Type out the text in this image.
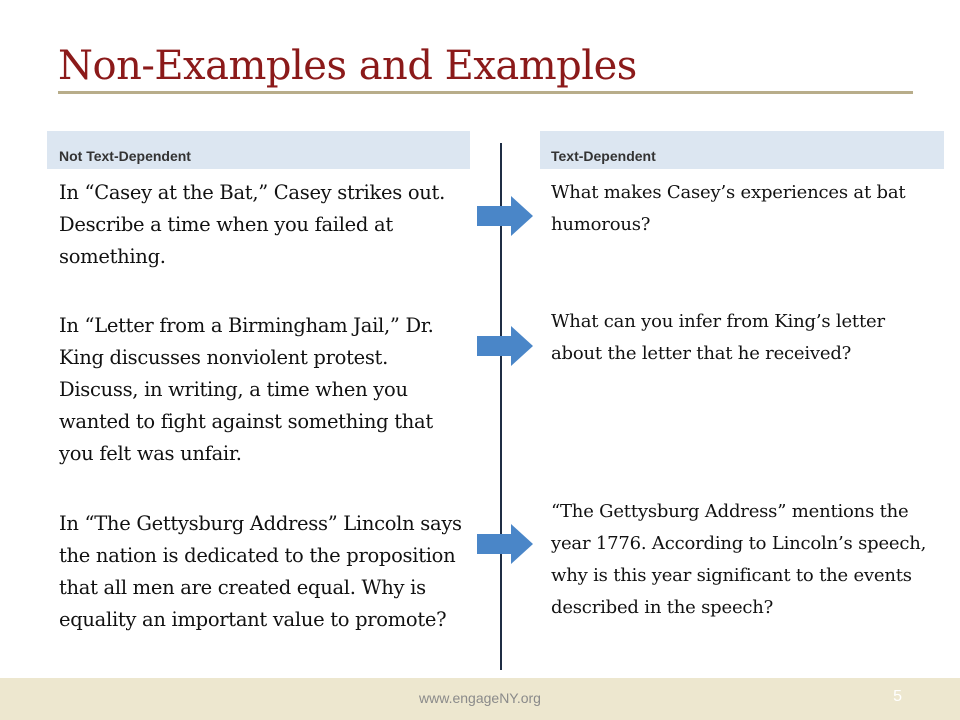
Non-Examples and Examples
Not Text-Dependent	Text-Dependent
In “Casey at the Bat,” Casey strikes out. Describe a time when you failed at something.
What makes Casey’s experiences at bat humorous?
In “Letter from a Birmingham Jail,” Dr. King discusses nonviolent protest. Discuss, in writing, a time when you wanted to fight against something that you felt was unfair.
What can you infer from King’s letter about the letter that he received?
In “The Gettysburg Address” Lincoln says the nation is dedicated to the proposition that all men are created equal. Why is equality an important value to promote?
“The Gettysburg Address” mentions the year 1776. According to Lincoln’s speech, why is this year significant to the events described in the speech?
www.engageNY.org	5
